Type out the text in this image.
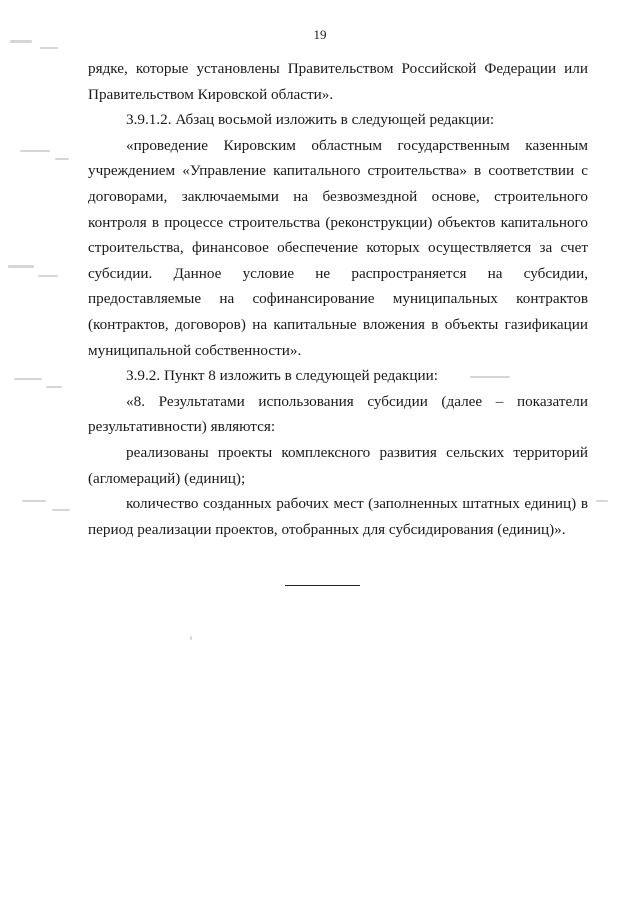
19

рядке, которые установлены Правительством Российской Федерации или Правительством Кировской области».

3.9.1.2. Абзац восьмой изложить в следующей редакции:

«проведение Кировским областным государственным казенным учреждением «Управление капитального строительства» в соответствии с договорами, заключаемыми на безвозмездной основе, строительного контроля в процессе строительства (реконструкции) объектов капитального строительства, финансовое обеспечение которых осуществляется за счет субсидии. Данное условие не распространяется на субсидии, предоставляемые на софинансирование муниципальных контрактов (контрактов, договоров) на капитальные вложения в объекты газификации муниципальной собственности».

3.9.2. Пункт 8 изложить в следующей редакции:

«8. Результатами использования субсидии (далее – показатели результативности) являются:

реализованы проекты комплексного развития сельских территорий (агломераций) (единиц);

количество созданных рабочих мест (заполненных штатных единиц) в период реализации проектов, отобранных для субсидирования (единиц)».
